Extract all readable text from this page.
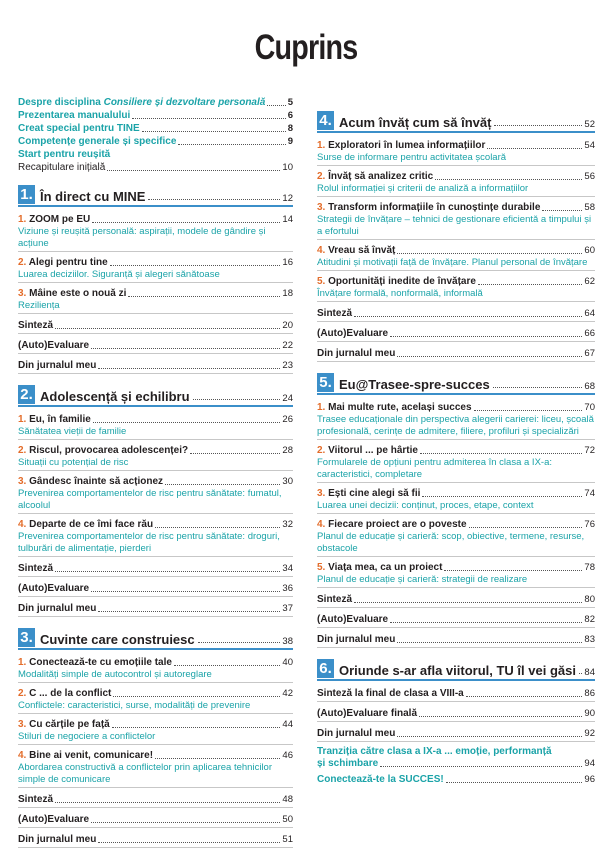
Cuprins
Despre disciplina Consiliere și dezvoltare personală 5
Prezentarea manualului	6
Creat special pentru TINE	8
Competențe generale și specifice	9
Start pentru reușită
Recapitulare inițială	10
1. În direct cu MINE	12
1. ZOOM pe EU	14
Viziune și reușită personală: aspirații, modele de gândire și acțiune
2. Alegi pentru tine	16
Luarea deciziilor. Siguranță și alegeri sănătoase
3. Mâine este o nouă zi	18
Reziliența
Sinteză	20
(Auto)Evaluare	22
Din jurnalul meu	23
2. Adolescență și echilibru	24
1. Eu, în familie	26
Sănătatea vieții de familie
2. Riscul, provocarea adolescenței?	28
Situații cu potențial de risc
3. Gândesc înainte să acționez	30
Prevenirea comportamentelor de risc pentru sănătate: fumatul, alcoolul
4. Departe de ce îmi face rău	32
Prevenirea comportamentelor de risc pentru sănătate: droguri, tulburări de alimentație, pierderi
Sinteză	34
(Auto)Evaluare	36
Din jurnalul meu	37
3. Cuvinte care construiesc	38
1. Conectează-te cu emoțiile tale	40
Modalități simple de autocontrol și autoreglare
2. C ... de la conflict	42
Conflictele: caracteristici, surse, modalități de prevenire
3. Cu cărțile pe față	44
Stiluri de negociere a conflictelor
4. Bine ai venit, comunicare!	46
Abordarea constructivă a conflictelor prin aplicarea tehnicilor simple de comunicare
Sinteză	48
(Auto)Evaluare	50
Din jurnalul meu	51
4. Acum învăț cum să învăț	52
1. Exploratori în lumea informațiilor	54
Surse de informare pentru activitatea școlară
2. Învăț să analizez critic	56
Rolul informației și criterii de analiză a informațiilor
3. Transform informațiile în cunoștințe durabile	58
Strategii de învățare – tehnici de gestionare eficientă a timpului și a efortului
4. Vreau să învăț	60
Atitudini și motivații față de învățare. Planul personal de învățare
5. Oportunități inedite de învățare	62
Învățare formală, nonformală, informală
Sinteză	64
(Auto)Evaluare	66
Din jurnalul meu	67
5. Eu@Trasee-spre-succes	68
1. Mai multe rute, același succes	70
Trasee educaționale din perspectiva alegerii carierei: liceu, școală profesională, cerințe de admitere, filiere, profiluri și specializări
2. Viitorul ... pe hârtie	72
Formularele de opțiuni pentru admiterea în clasa a IX-a: caracteristici, completare
3. Ești cine alegi să fii	74
Luarea unei decizii: conținut, proces, etape, context
4. Fiecare proiect are o poveste	76
Planul de educație și carieră: scop, obiective, termene, resurse, obstacole
5. Viața mea, ca un proiect	78
Planul de educație și carieră: strategii de realizare
Sinteză	80
(Auto)Evaluare	82
Din jurnalul meu	83
6. Oriunde s-ar afla viitorul, TU îl vei găsi 84
Sinteză la final de clasa a VIII-a	86
(Auto)Evaluare finală	90
Din jurnalul meu	92
Tranziția către clasa a IX-a ... emoție, performanță
și schimbare	94
Conectează-te la SUCCES!	96
